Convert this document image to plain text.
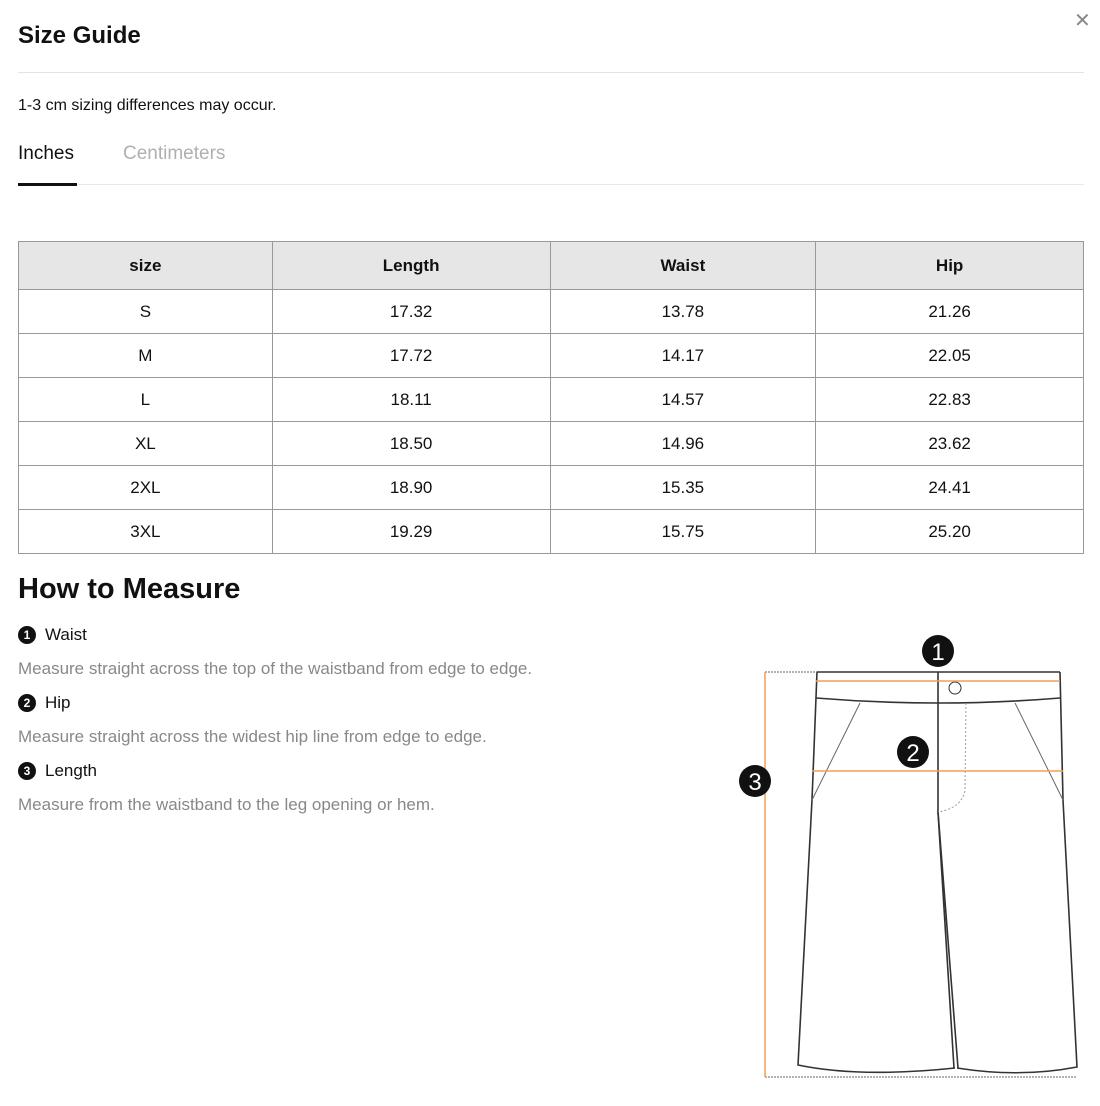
Size Guide
✕
1-3 cm sizing differences may occur.
Inches	Centimeters
size	Length	Waist	Hip
S	17.32	13.78	21.26
M	17.72	14.17	22.05
L	18.11	14.57	22.83
XL	18.50	14.96	23.62
2XL	18.90	15.35	24.41
3XL	19.29	15.75	25.20
How to Measure
1 Waist
Measure straight across the top of the waistband from edge to edge.
2 Hip
Measure straight across the widest hip line from edge to edge.
3 Length
Measure from the waistband to the leg opening or hem.
1
2
3
